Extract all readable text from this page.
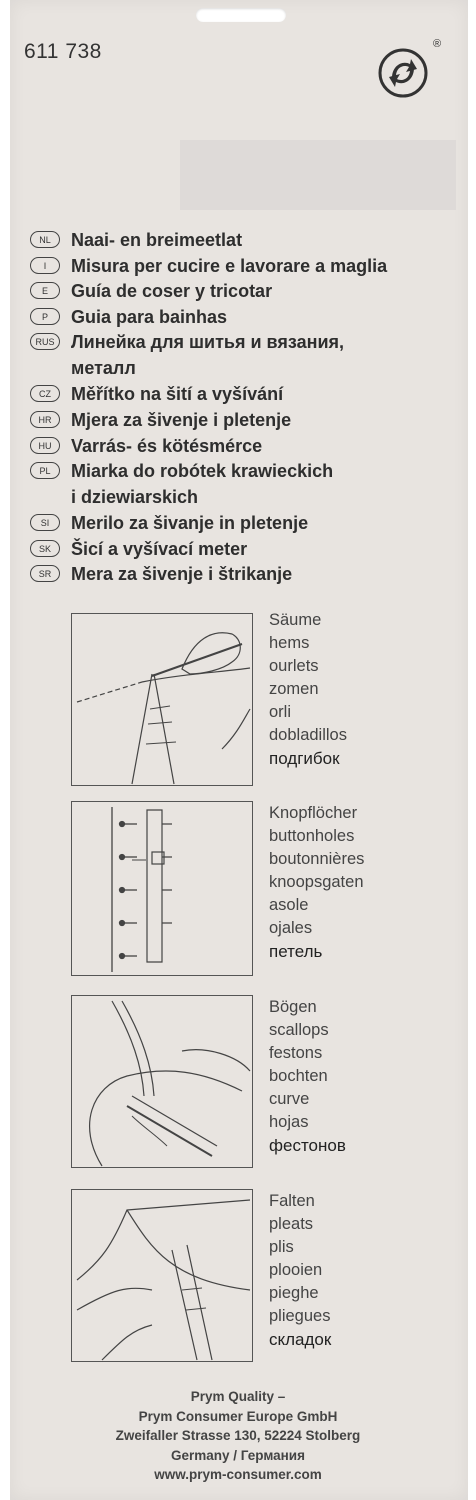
611 738	®
NL	Naai- en breimeetlat
I	Misura per cucire e lavorare a maglia
E	Guía de coser y tricotar
P	Guia para bainhas
RUS Линейка для шитья и вязания,
металл
CZ	Měřítko na šití a vyšívání
HR	Mjera za šivenje i pletenje
HU	Varrás- és kötésmérce
PL	Miarka do robótek krawieckich
i dziewiarskich
SI	Merilo za šivanje in pletenje
SK	Šicí a vyšívací meter
SR	Mera za šivenje i štrikanje
Säume
hems
ourlets
zomen
orli
dobladillos
подгибок
Knopflöcher
buttonholes
boutonnières
knoopsgaten
asole
ojales
петель
Bögen
scallops
festons
bochten
curve
hojas
фестонов
Falten
pleats
plis
plooien
pieghe
pliegues
складок
Prym Quality –
Prym Consumer Europe GmbH
Zweifaller Strasse 130, 52224 Stolberg
Germany / Германия
www.prym-consumer.com
